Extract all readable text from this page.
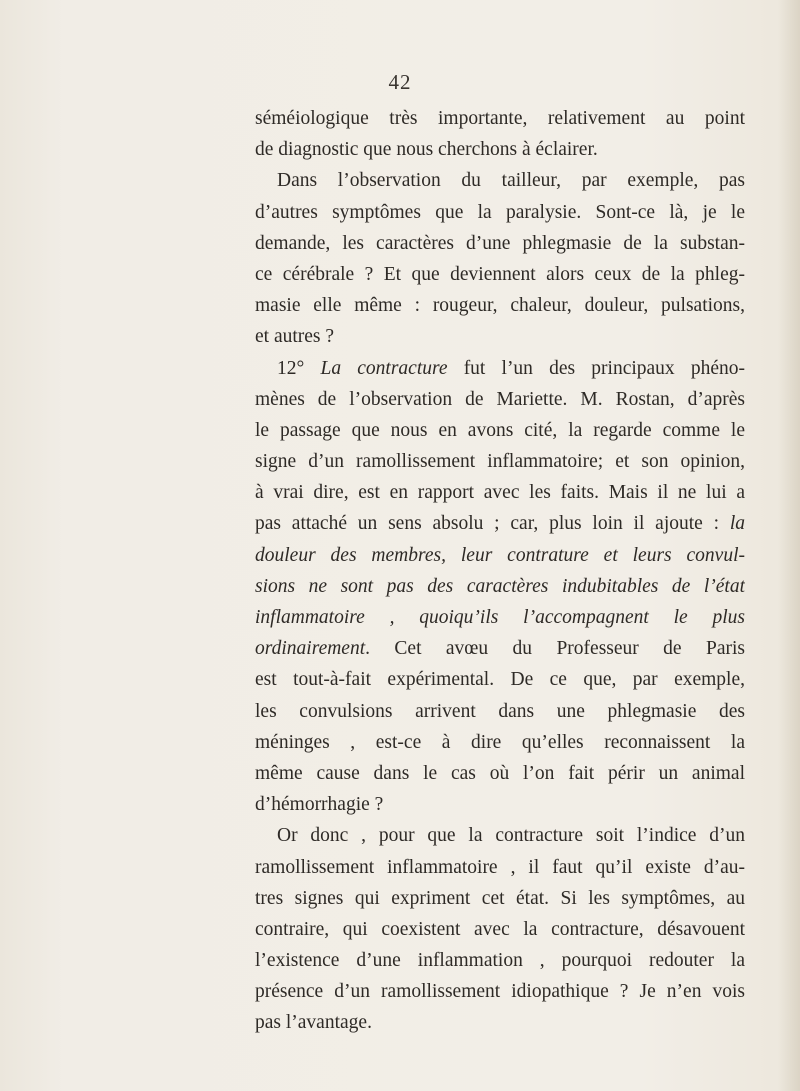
42
séméiologique très importante, relativement au point
de diagnostic que nous cherchons à éclairer.
Dans l’observation du tailleur, par exemple, pas
d’autres symptômes que la paralysie. Sont-ce là, je le
demande, les caractères d’une phlegmasie de la substan-
ce cérébrale ? Et que deviennent alors ceux de la phleg-
masie elle même : rougeur, chaleur, douleur, pulsations,
et autres ?
12° La contracture fut l’un des principaux phéno-
mènes de l’observation de Mariette. M. Rostan, d’après
le passage que nous en avons cité, la regarde comme le
signe d’un ramollissement inflammatoire; et son opinion,
à vrai dire, est en rapport avec les faits. Mais il ne lui a
pas attaché un sens absolu ; car, plus loin il ajoute : la
douleur des membres, leur contrature et leurs convul-
sions ne sont pas des caractères indubitables de l’état
inflammatoire , quoiqu’ils l’accompagnent le plus
ordinairement. Cet avœu du Professeur de Paris
est tout-à-fait expérimental. De ce que, par exemple,
les convulsions arrivent dans une phlegmasie des
méninges , est-ce à dire qu’elles reconnaissent la
même cause dans le cas où l’on fait périr un animal
d’hémorrhagie ?
Or donc , pour que la contracture soit l’indice d’un
ramollissement inflammatoire , il faut qu’il existe d’au-
tres signes qui expriment cet état. Si les symptômes, au
contraire, qui coexistent avec la contracture, désavouent
l’existence d’une inflammation , pourquoi redouter la
présence d’un ramollissement idiopathique ? Je n’en vois
pas l’avantage.
